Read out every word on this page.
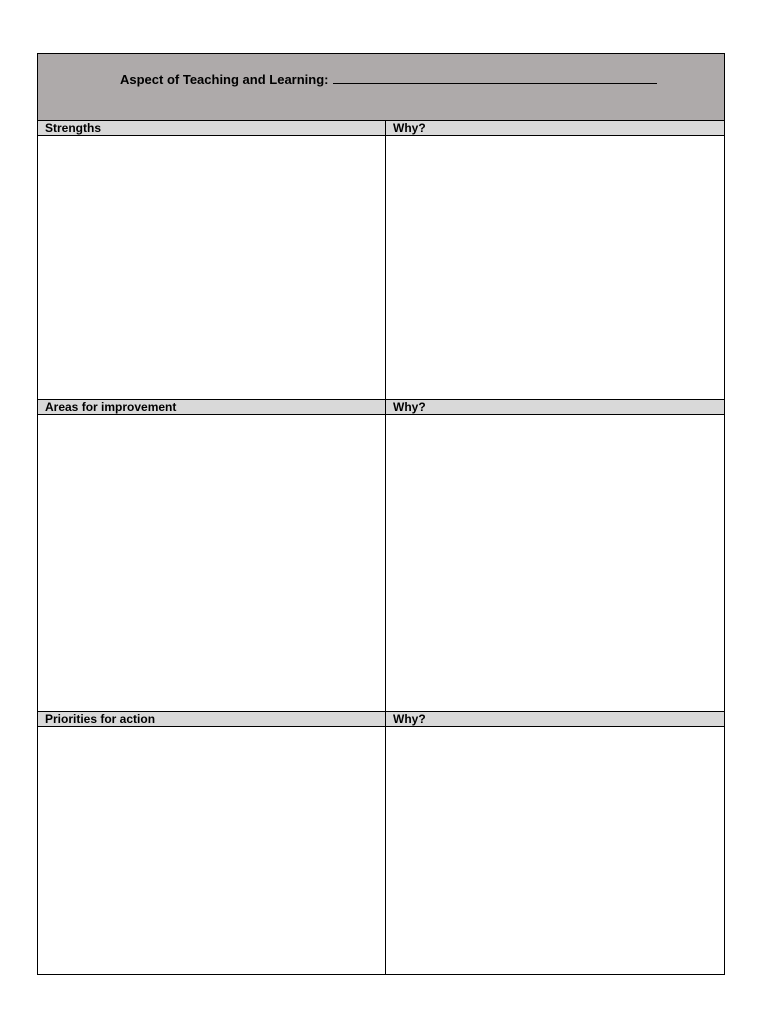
Aspect of Teaching and Learning:
Strengths	Why?
Areas for improvement	Why?
Priorities for action	Why?
